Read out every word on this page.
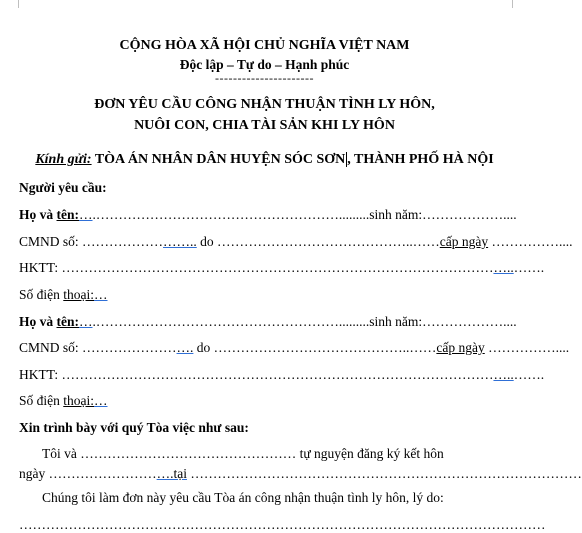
CỘNG HÒA XÃ HỘI CHỦ NGHĨA VIỆT NAM
Độc lập – Tự do – Hạnh phúc
----------------------
ĐƠN YÊU CẦU CÔNG NHẬN THUẬN TÌNH LY HÔN,
NUÔI CON, CHIA TÀI SẢN KHI LY HÔN
Kính gửi: TÒA ÁN NHÂN DÂN HUYỆN SÓC SƠN , THÀNH PHỐ HÀ NỘI
Người yêu cầu:
Họ và tên:….……………………………………………….........sinh năm:………………....
CMND số: …………………….. do ……………………………………..……cấp ngày ……………....
HKTT: ………………………………………………………………………………………..…….
Số điện thoại:…
Họ và tên:….……………………………………………….........sinh năm:………………....
CMND số: ……………………. do ……………………………………..……cấp ngày ……………....
HKTT: ………………………………………………………………………………………..…….
Số điện thoại:…
Xin trình bày với quý Tòa việc như sau:
Tôi và ………………………………………… tự nguyện đăng ký kết hôn
ngày ……………………….tại ……………………………………………………………………………
Chúng tôi làm đơn này yêu cầu Tòa án công nhận thuận tình ly hôn, lý do:
………………………………………………………………………………………………………
